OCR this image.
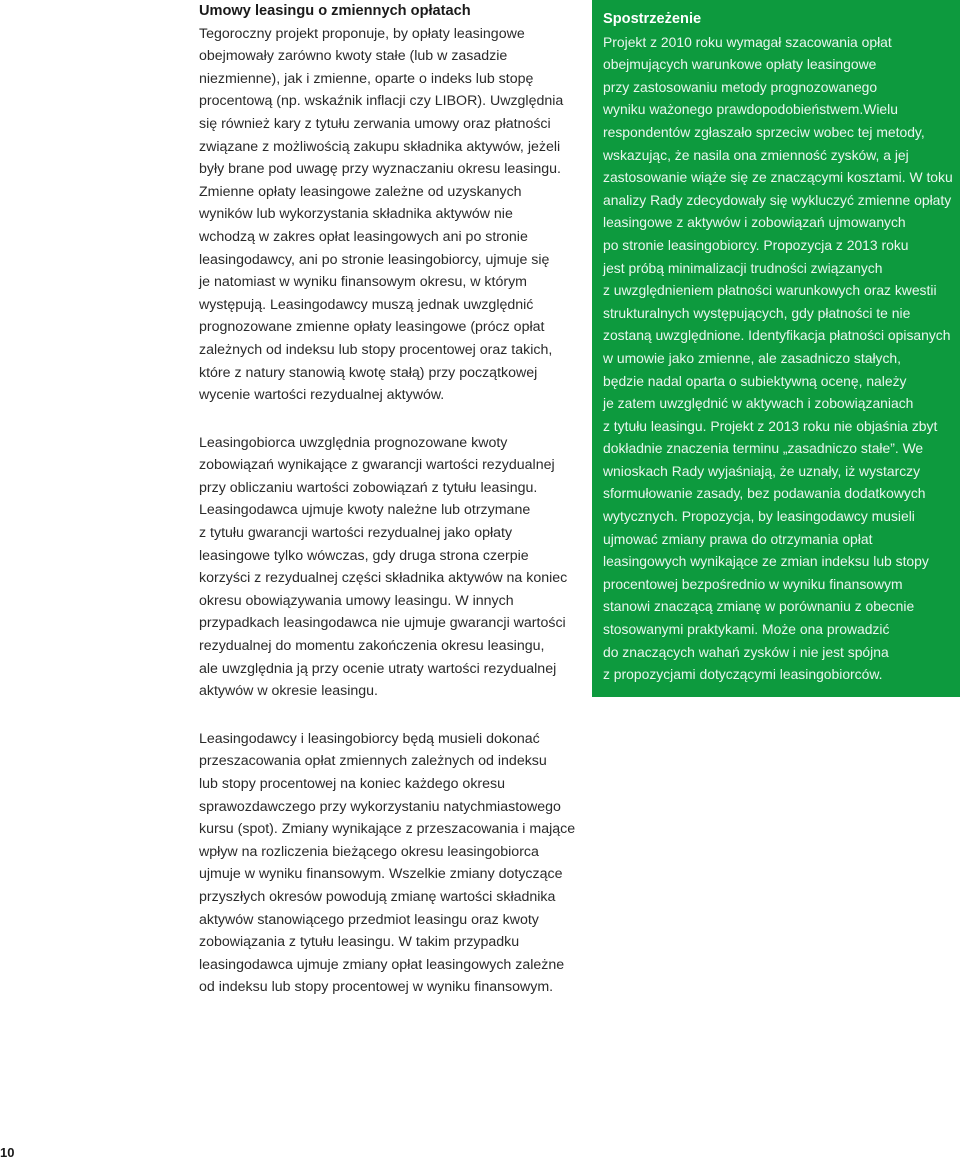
Umowy leasingu o zmiennych opłatach

Tegoroczny projekt proponuje, by opłaty leasingowe
obejmowały zarówno kwoty stałe (lub w zasadzie
niezmienne), jak i zmienne, oparte o indeks lub stopę
procentową (np. wskaźnik inflacji czy LIBOR). Uwzględnia
się również kary z tytułu zerwania umowy oraz płatności
związane z możliwością zakupu składnika aktywów, jeżeli
były brane pod uwagę przy wyznaczaniu okresu leasingu.
Zmienne opłaty leasingowe zależne od uzyskanych
wyników lub wykorzystania składnika aktywów nie
wchodzą w zakres opłat leasingowych ani po stronie
leasingodawcy, ani po stronie leasingobiorcy, ujmuje się
je natomiast w wyniku finansowym okresu, w którym
występują. Leasingodawcy muszą jednak uwzględnić
prognozowane zmienne opłaty leasingowe (prócz opłat
zależnych od indeksu lub stopy procentowej oraz takich,
które z natury stanowią kwotę stałą) przy początkowej
wycenie wartości rezydualnej aktywów.

Leasingobiorca uwzględnia prognozowane kwoty
zobowiązań wynikające z gwarancji wartości rezydualnej
przy obliczaniu wartości zobowiązań z tytułu leasingu.
Leasingodawca ujmuje kwoty należne lub otrzymane
z tytułu gwarancji wartości rezydualnej jako opłaty
leasingowe tylko wówczas, gdy druga strona czerpie
korzyści z rezydualnej części składnika aktywów na koniec
okresu obowiązywania umowy leasingu. W innych
przypadkach leasingodawca nie ujmuje gwarancji wartości
rezydualnej do momentu zakończenia okresu leasingu,
ale uwzględnia ją przy ocenie utraty wartości rezydualnej
aktywów w okresie leasingu.

Leasingodawcy i leasingobiorcy będą musieli dokonać
przeszacowania opłat zmiennych zależnych od indeksu
lub stopy procentowej na koniec każdego okresu
sprawozdawczego przy wykorzystaniu natychmiastowego
kursu (spot). Zmiany wynikające z przeszacowania i mające
wpływ na rozliczenia bieżącego okresu leasingobiorca
ujmuje w wyniku finansowym. Wszelkie zmiany dotyczące
przyszłych okresów powodują zmianę wartości składnika
aktywów stanowiącego przedmiot leasingu oraz kwoty
zobowiązania z tytułu leasingu. W takim przypadku
leasingodawca ujmuje zmiany opłat leasingowych zależne
od indeksu lub stopy procentowej w wyniku finansowym.

Spostrzeżenie

Projekt z 2010 roku wymagał szacowania opłat
obejmujących warunkowe opłaty leasingowe
przy zastosowaniu metody prognozowanego
wyniku ważonego prawdopodobieństwem.Wielu
respondentów zgłaszało sprzeciw wobec tej metody,
wskazując, że nasila ona zmienność zysków, a jej
zastosowanie wiąże się ze znaczącymi kosztami. W toku
analizy Rady zdecydowały się wykluczyć zmienne opłaty
leasingowe z aktywów i zobowiązań ujmowanych
po stronie leasingobiorcy. Propozycja z 2013 roku
jest próbą minimalizacji trudności związanych
z uwzględnieniem płatności warunkowych oraz kwestii
strukturalnych występujących, gdy płatności te nie
zostaną uwzględnione. Identyfikacja płatności opisanych
w umowie jako zmienne, ale zasadniczo stałych,
będzie nadal oparta o subiektywną ocenę, należy
je zatem uwzględnić w aktywach i zobowiązaniach
z tytułu leasingu. Projekt z 2013 roku nie objaśnia zbyt
dokładnie znaczenia terminu „zasadniczo stałe”. We
wnioskach Rady wyjaśniają, że uznały, iż wystarczy
sformułowanie zasady, bez podawania dodatkowych
wytycznych. Propozycja, by leasingodawcy musieli
ujmować zmiany prawa do otrzymania opłat
leasingowych wynikające ze zmian indeksu lub stopy
procentowej bezpośrednio w wyniku finansowym
stanowi znaczącą zmianę w porównaniu z obecnie
stosowanymi praktykami. Może ona prowadzić
do znaczących wahań zysków i nie jest spójna
z propozycjami dotyczącymi leasingobiorców.

10
